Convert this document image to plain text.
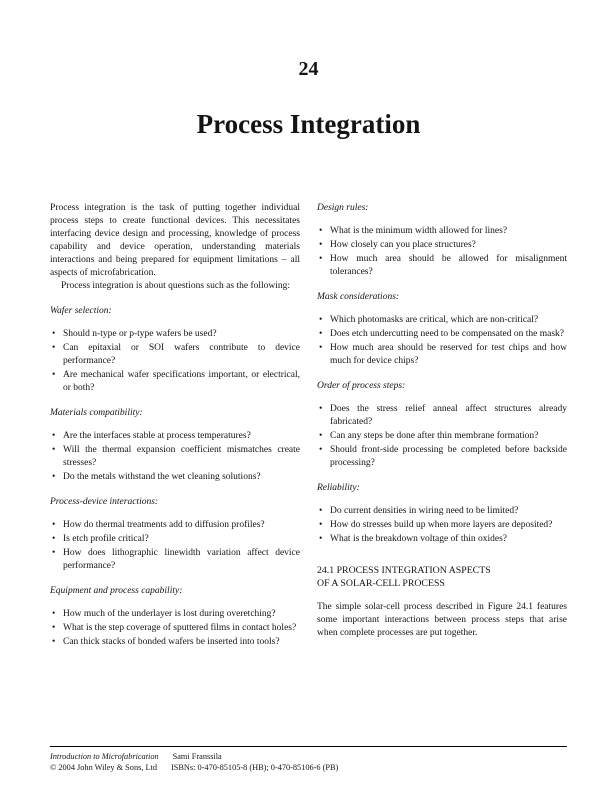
24
Process Integration

Process integration is the task of putting together individual process steps to create functional devices. This necessitates interfacing device design and processing, knowledge of process capability and device operation, understanding materials interactions and being prepared for equipment limitations – all aspects of microfabrication.

Process integration is about questions such as the following:

Wafer selection:
• Should n-type or p-type wafers be used?
• Can epitaxial or SOI wafers contribute to device performance?
• Are mechanical wafer specifications important, or electrical, or both?
Materials compatibility:
• Are the interfaces stable at process temperatures?
• Will the thermal expansion coefficient mismatches create stresses?
• Do the metals withstand the wet cleaning solutions?
Process-device interactions:
• How do thermal treatments add to diffusion profiles?
• Is etch profile critical?
• How does lithographic linewidth variation affect device performance?
Equipment and process capability:
• How much of the underlayer is lost during overetching?
• What is the step coverage of sputtered films in contact holes?
• Can thick stacks of bonded wafers be inserted into tools?
Design rules:
• What is the minimum width allowed for lines?
• How closely can you place structures?
• How much area should be allowed for misalignment tolerances?
Mask considerations:
• Which photomasks are critical, which are non-critical?
• Does etch undercutting need to be compensated on the mask?
• How much area should be reserved for test chips and how much for device chips?
Order of process steps:
• Does the stress relief anneal affect structures already fabricated?
• Can any steps be done after thin membrane formation?
• Should front-side processing be completed before backside processing?
Reliability:
• Do current densities in wiring need to be limited?
• How do stresses build up when more layers are deposited?
• What is the breakdown voltage of thin oxides?
24.1 PROCESS INTEGRATION ASPECTS
OF A SOLAR-CELL PROCESS

The simple solar-cell process described in Figure 24.1 features some important interactions between process steps that arise when complete processes are put together.

Introduction to Microfabrication Sami Franssila
© 2004 John Wiley & Sons, Ltd ISBNs: 0-470-85105-8 (HB); 0-470-85106-6 (PB)
